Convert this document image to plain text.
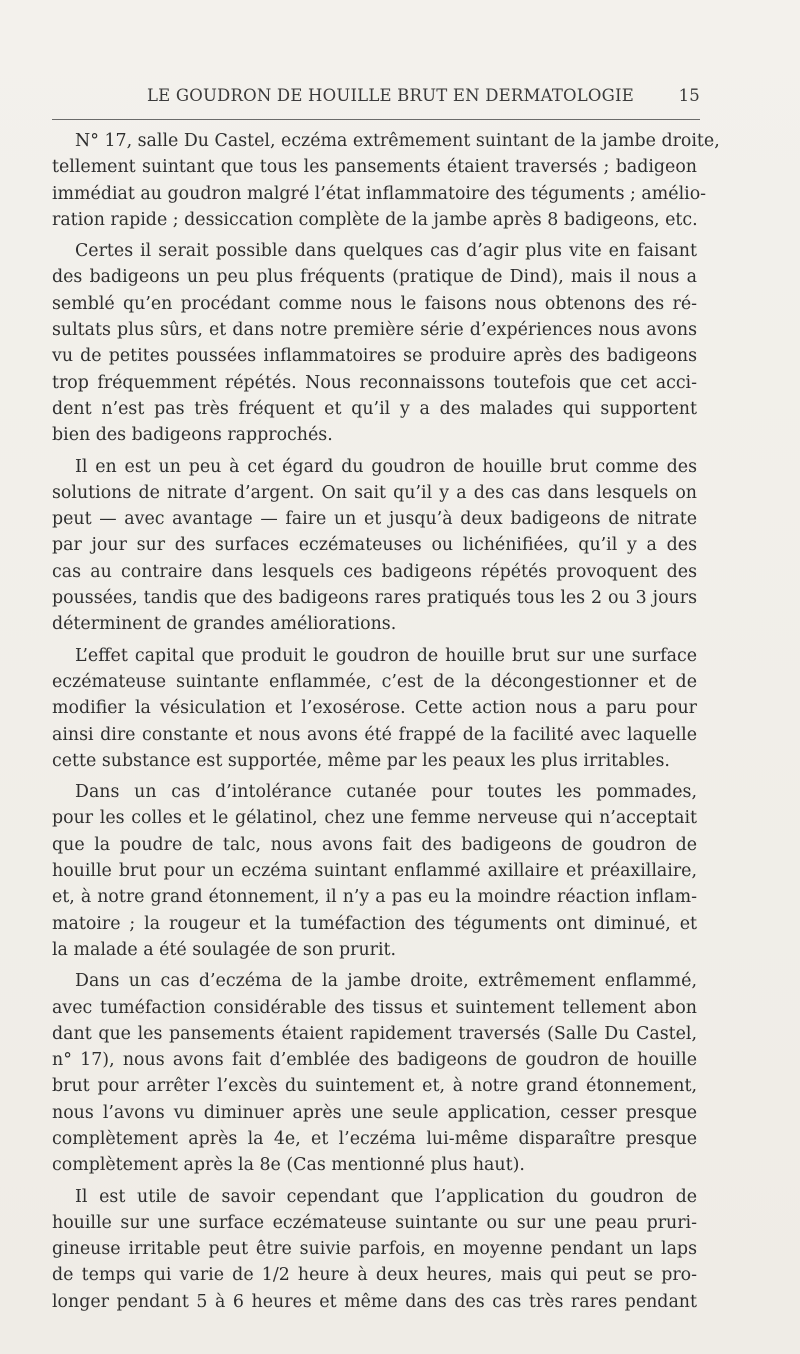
LE GOUDRON DE HOUILLE BRUT EN DERMATOLOGIE	15
N° 17, salle Du Castel, eczéma extrêmement suintant de la jambe droite,
tellement suintant que tous les pansements étaient traversés ; badigeon
immédiat au goudron malgré l’état inflammatoire des téguments ; amélio-
ration rapide ; dessiccation complète de la jambe après 8 badigeons, etc.
Certes il serait possible dans quelques cas d’agir plus vite en faisant
des badigeons un peu plus fréquents (pratique de Dind), mais il nous a
semblé qu’en procédant comme nous le faisons nous obtenons des ré-
sultats plus sûrs, et dans notre première série d’expériences nous avons
vu de petites poussées inflammatoires se produire après des badigeons
trop fréquemment répétés. Nous reconnaissons toutefois que cet acci-
dent n’est pas très fréquent et qu’il y a des malades qui supportent
bien des badigeons rapprochés.
Il en est un peu à cet égard du goudron de houille brut comme des
solutions de nitrate d’argent. On sait qu’il y a des cas dans lesquels on
peut — avec avantage — faire un et jusqu’à deux badigeons de nitrate
par jour sur des surfaces eczémateuses ou lichénifiées, qu’il y a des
cas au contraire dans lesquels ces badigeons répétés provoquent des
poussées, tandis que des badigeons rares pratiqués tous les 2 ou 3 jours
déterminent de grandes améliorations.
L’effet capital que produit le goudron de houille brut sur une surface
eczémateuse suintante enflammée, c’est de la décongestionner et de
modifier la vésiculation et l’exosérose. Cette action nous a paru pour
ainsi dire constante et nous avons été frappé de la facilité avec laquelle
cette substance est supportée, même par les peaux les plus irritables.
Dans un cas d’intolérance cutanée pour toutes les pommades,
pour les colles et le gélatinol, chez une femme nerveuse qui n’acceptait
que la poudre de talc, nous avons fait des badigeons de goudron de
houille brut pour un eczéma suintant enflammé axillaire et préaxillaire,
et, à notre grand étonnement, il n’y a pas eu la moindre réaction inflam-
matoire ; la rougeur et la tuméfaction des téguments ont diminué, et
la malade a été soulagée de son prurit.
Dans un cas d’eczéma de la jambe droite, extrêmement enflammé,
avec tuméfaction considérable des tissus et suintement tellement abon
dant que les pansements étaient rapidement traversés (Salle Du Castel,
n° 17), nous avons fait d’emblée des badigeons de goudron de houille
brut pour arrêter l’excès du suintement et, à notre grand étonnement,
nous l’avons vu diminuer après une seule application, cesser presque
complètement après la 4e, et l’eczéma lui-même disparaître presque
complètement après la 8e (Cas mentionné plus haut).
Il est utile de savoir cependant que l’application du goudron de
houille sur une surface eczémateuse suintante ou sur une peau pruri-
gineuse irritable peut être suivie parfois, en moyenne pendant un laps
de temps qui varie de 1/2 heure à deux heures, mais qui peut se pro-
longer pendant 5 à 6 heures et même dans des cas très rares pendant
